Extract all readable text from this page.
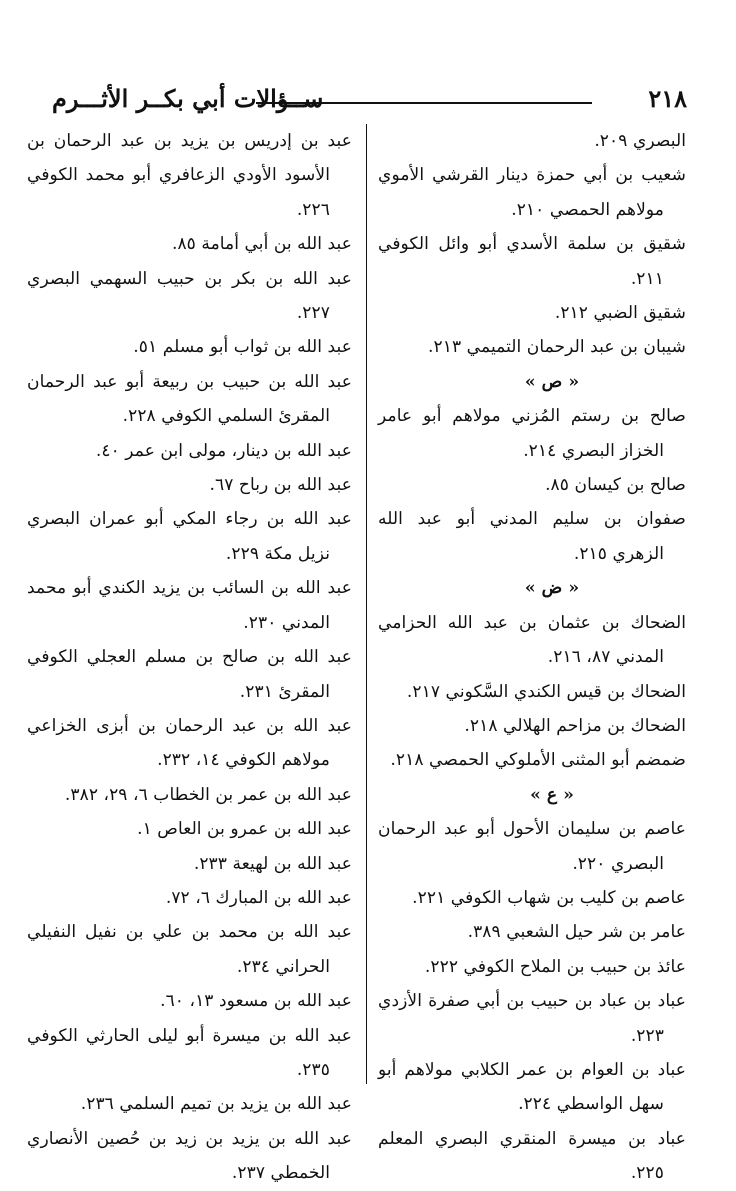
٢١٨
ســؤالات أبي بكــر الأثـــرم
البصري ٢٠٩.
شعيب بن أبي حمزة دينار القرشي الأموي مولاهم الحمصي ٢١٠.
شقيق بن سلمة الأسدي أبو وائل الكوفي ٢١١.
شقيق الضبي ٢١٢.
شيبان بن عبد الرحمان التميمي ٢١٣.
« ص »
صالح بن رستم المُزني مولاهم أبو عامر الخزاز البصري ٢١٤.
صالح بن كيسان ٨٥.
صفوان بن سليم المدني أبو عبد الله الزهري ٢١٥.
« ض »
الضحاك بن عثمان بن عبد الله الحزامي المدني ٨٧، ٢١٦.
الضحاك بن قيس الكندي السَّكوني ٢١٧.
الضحاك بن مزاحم الهلالي ٢١٨.
ضمضم أبو المثنى الأملوكي الحمصي ٢١٨.
« ع »
عاصم بن سليمان الأحول أبو عبد الرحمان البصري ٢٢٠.
عاصم بن كليب بن شهاب الكوفي ٢٢١.
عامر بن شر حيل الشعبي ٣٨٩.
عائذ بن حبيب بن الملاح الكوفي ٢٢٢.
عباد بن عباد بن حبيب بن أبي صفرة الأزدي ٢٢٣.
عباد بن العوام بن عمر الكلابي مولاهم أبو سهل الواسطي ٢٢٤.
عباد بن ميسرة المنقري البصري المعلم ٢٢٥.
عبد بن إدريس بن يزيد بن عبد الرحمان بن الأسود الأودي الزعافري أبو محمد الكوفي ٢٢٦.
عبد الله بن أبي أمامة ٨٥.
عبد الله بن بكر بن حبيب السهمي البصري ٢٢٧.
عبد الله بن ثواب أبو مسلم ٥١.
عبد الله بن حبيب بن ربيعة أبو عبد الرحمان المقرئ السلمي الكوفي ٢٢٨.
عبد الله بن دينار، مولى ابن عمر ٤٠.
عبد الله بن رباح ٦٧.
عبد الله بن رجاء المكي أبو عمران البصري نزيل مكة ٢٢٩.
عبد الله بن السائب بن يزيد الكندي أبو محمد المدني ٢٣٠.
عبد الله بن صالح بن مسلم العجلي الكوفي المقرئ ٢٣١.
عبد الله بن عبد الرحمان بن أبزى الخزاعي مولاهم الكوفي ١٤، ٢٣٢.
عبد الله بن عمر بن الخطاب ٦، ٢٩، ٣٨٢.
عبد الله بن عمرو بن العاص ١.
عبد الله بن لهيعة ٢٣٣.
عبد الله بن المبارك ٦، ٧٢.
عبد الله بن محمد بن علي بن نفيل النفيلي الحراني ٢٣٤.
عبد الله بن مسعود ١٣، ٦٠.
عبد الله بن ميسرة أبو ليلى الحارثي الكوفي ٢٣٥.
عبد الله بن يزيد بن تميم السلمي ٢٣٦.
عبد الله بن يزيد بن زيد بن حُصين الأنصاري الخمطي ٢٣٧.
